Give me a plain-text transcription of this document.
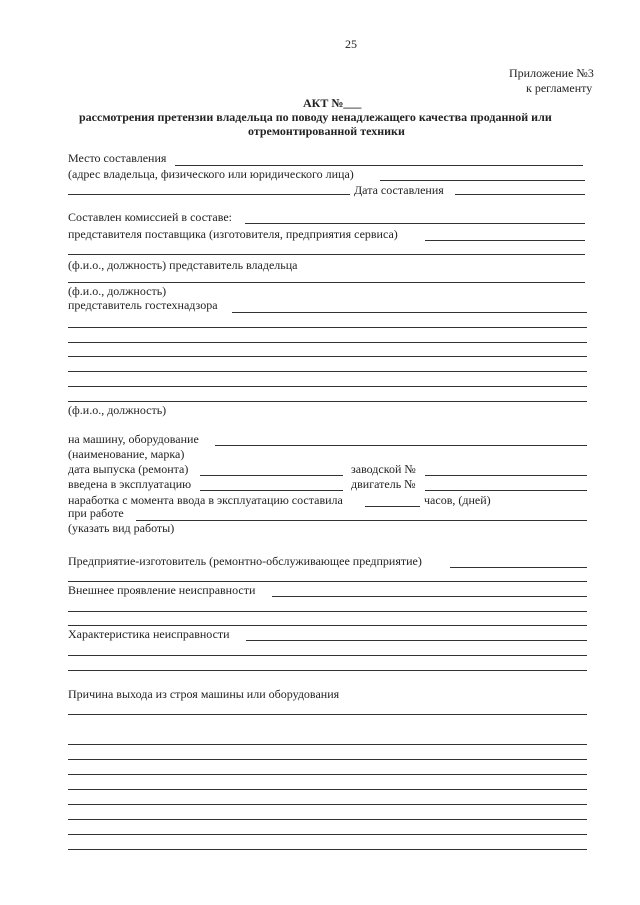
25
Приложение №3
к регламенту
АКТ №___
рассмотрения претензии владельца по поводу ненадлежащего качества проданной или
отремонтированной техники
Место составления
(адрес владельца, физического или юридического лица)
Дата составления
Составлен комиссией в составе:
представителя поставщика (изготовителя, предприятия сервиса)
(ф.и.о., должность) представитель владельца
(ф.и.о., должность)
представитель гостехнадзора
(ф.и.о., должность)
на машину, оборудование
(наименование, марка)
дата выпуска (ремонта)	заводской №
введена в эксплуатацию	двигатель №
наработка с момента ввода в эксплуатацию составила	часов, (дней)
при работе
(указать вид работы)
Предприятие-изготовитель (ремонтно-обслуживающее предприятие)
Внешнее проявление неисправности
Характеристика неисправности
Причина выхода из строя машины или оборудования
